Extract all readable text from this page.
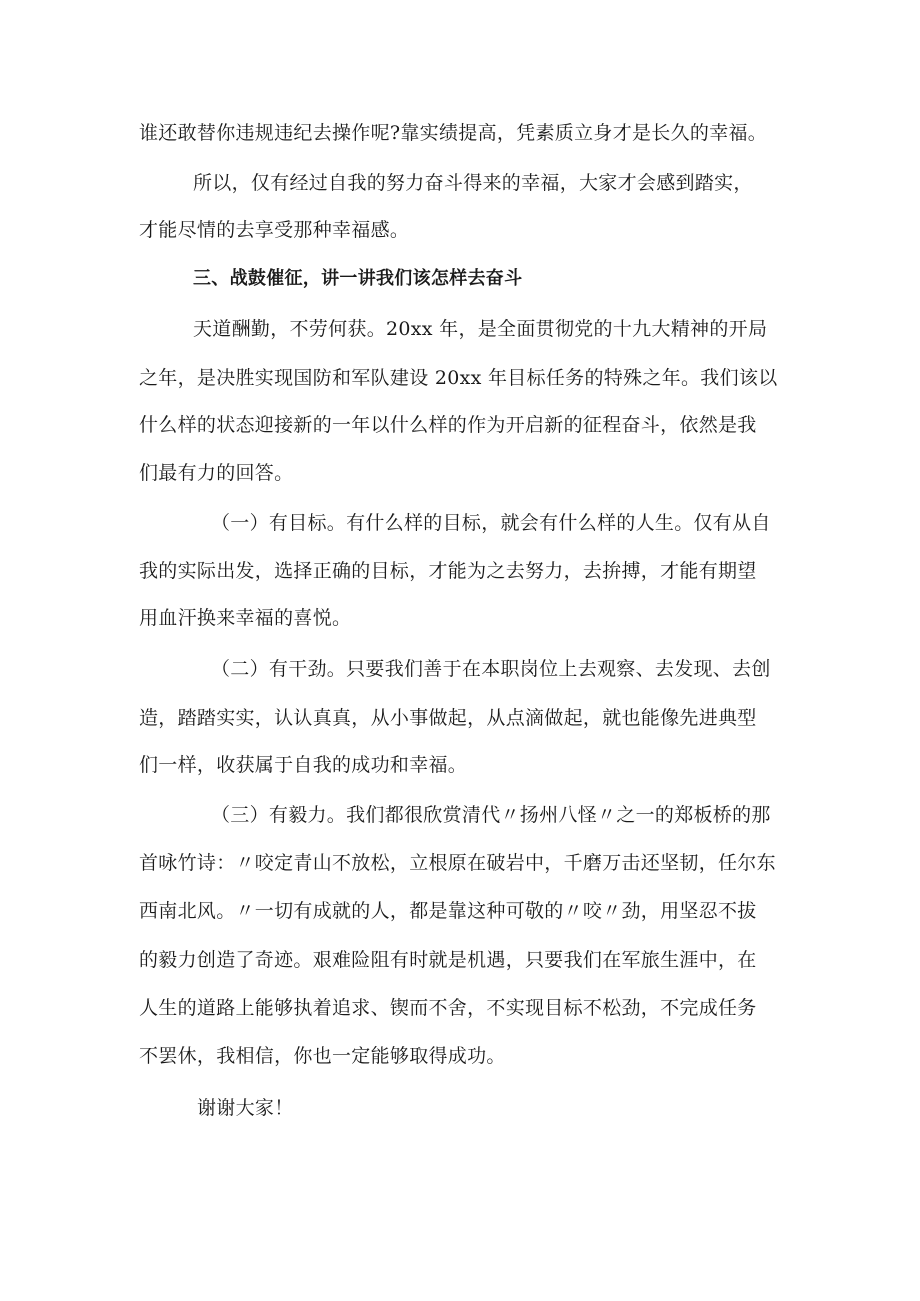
谁还敢替你违规违纪去操作呢?靠实绩提高，凭素质立身才是长久的幸福。
所以，仅有经过自我的努力奋斗得来的幸福，大家才会感到踏实，
才能尽情的去享受那种幸福感。
三、战鼓催征，讲一讲我们该怎样去奋斗
天道酬勤，不劳何获。20xx 年，是全面贯彻党的十九大精神的开局
之年，是决胜实现国防和军队建设 20xx 年目标任务的特殊之年。我们该以
什么样的状态迎接新的一年以什么样的作为开启新的征程奋斗，依然是我
们最有力的回答。
（一）有目标。有什么样的目标，就会有什么样的人生。仅有从自
我的实际出发，选择正确的目标，才能为之去努力，去拚搏，才能有期望
用血汗换来幸福的喜悦。
（二）有干劲。只要我们善于在本职岗位上去观察、去发现、去创
造，踏踏实实，认认真真，从小事做起，从点滴做起，就也能像先进典型
们一样，收获属于自我的成功和幸福。
（三）有毅力。我们都很欣赏清代〃扬州八怪〃之一的郑板桥的那
首咏竹诗：〃咬定青山不放松，立根原在破岩中，千磨万击还坚韧，任尔东
西南北风。〃一切有成就的人，都是靠这种可敬的〃咬〃劲，用坚忍不拔
的毅力创造了奇迹。艰难险阻有时就是机遇，只要我们在军旅生涯中，在
人生的道路上能够执着追求、锲而不舍，不实现目标不松劲，不完成任务
不罢休，我相信，你也一定能够取得成功。
谢谢大家！
